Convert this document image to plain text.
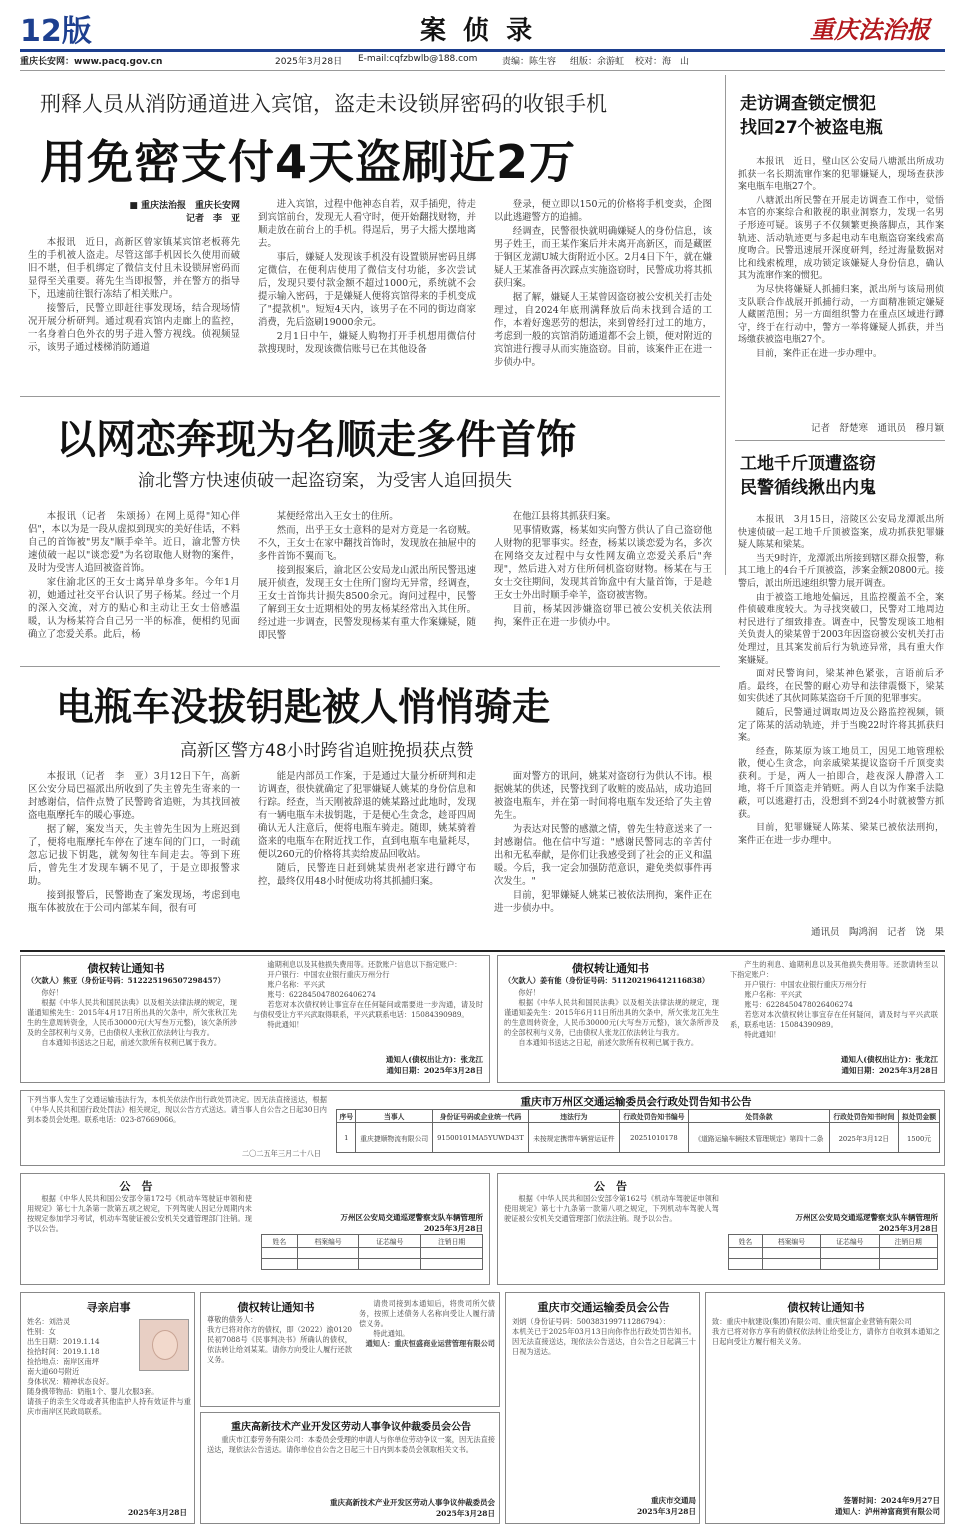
12版	案 侦 录	重庆法治报
重庆长安网：www.pacq.gov.cn	2025年3月28日 E-mail:cqfzbwlb@188.com	责编：陈生容 组版：余游虹 校对：海　山
刑释人员从消防通道进入宾馆，盗走未设锁屏密码的收银手机
用免密支付4天盗刷近2万
■ 重庆法治报　重庆长安网
记者　李　亚

本报讯　近日，高新区曾家镇某宾馆老板蒋先生的手机被人盗走。尽管这部手机因长久使用而破旧不堪，但手机绑定了微信支付且未设锁屏密码而显得至关重要。蒋先生当即报警，并在警方的指导下，迅速前往银行冻结了相关账户。

接警后，民警立即赶往事发现场，结合现场情况开展分析研判。通过观看宾馆内走廊上的监控，一名身着白色外衣的男子进入警方视线。侦视频显示，该男子通过楼梯消防通道

进入宾馆，过程中他神态自若，双手插兜，待走到宾馆前台，发现无人看守时，便开始翻找财物，并顺走放在前台上的手机。得逞后，男子大摇大摆地离去。

事后，嫌疑人发现该手机没有设置锁屏密码且绑定微信，在便利店使用了微信支付功能，多次尝试后，发现只要付款金额不超过1000元，系统就不会提示输入密码，于是嫌疑人便将宾馆得来的手机变成了"提款机"。短短4天内，该男子在不同的街边商家消费，先后盗刷19000余元。

2月1日中午，嫌疑人购物打开手机想用微信付款搜现时，发现该微信账号已在其他设备

登录，便立即以150元的价格将手机变卖，企图以此逃避警方的追捕。

经调查，民警很快就明确嫌疑人的身份信息，该男子姓王，而王某作案后并未离开高新区，而是藏匿于铜区龙湖U城大街附近小区。2月4日下午，就在嫌疑人王某准备再次踩点实施盗窃时，民警成功将其抓获归案。

据了解，嫌疑人王某曾因盗窃被公安机关打击处理过，自2024年底刑满释放后尚未找到合适的工作，本着好逸恶劳的想法，来到曾经打过工的地方，考虑到一般的宾馆消防通道都不会上锁，便对附近的宾馆进行搜寻从而实施盗窃。目前，该案件正在进一步侦办中。

以网恋奔现为名顺走多件首饰
渝北警方快速侦破一起盗窃案，为受害人追回损失

本报讯（记者　朱颂扬）在网上觅得"知心伴侣"，本以为是一段从虚拟到现实的美好佳话，不料自己的首饰被"男友"顺手牵羊。近日，渝北警方快速侦破一起以"谈恋爱"为名窃取他人财物的案件，及时为受害人追回被盗首饰。

家住渝北区的王女士离异单身多年。今年1月初，她通过社交平台认识了男子杨某。经过一个月的深入交流，对方的贴心和主动让王女士倍感温暖，认为杨某符合自己另一半的标准，便相约见面确立了恋爱关系。此后，杨

某便经常出入王女士的住所。

然而，出乎王女士意料的是对方竟是一名窃贼。不久，王女士在家中翻找首饰时，发现放在抽屉中的多件首饰不翼而飞。

接到报案后，渝北区公安局龙山派出所民警迅速展开侦查，发现王女士住所门窗均无异常，经调查，王女士首饰共计损失8500余元。询问过程中，民警了解到王女士近期相处的男友杨某经常出入其住所。经过进一步调查，民警发现杨某有重大作案嫌疑，随即民警

在他江县将其抓获归案。

见事情败露，杨某如实向警方供认了自己盗窃他人财物的犯罪事实。经查，杨某以谈恋爱为名，多次在网络交友过程中与女性网友确立恋爱关系后"奔现"，然后进入对方住所伺机盗窃财物。杨某在与王女士交往期间，发现其首饰盒中有大量首饰，于是趁王女士外出时顺手牵羊，盗窃被害物。

目前，杨某因涉嫌盗窃罪已被公安机关依法刑拘，案件正在进一步侦办中。

电瓶车没拔钥匙被人悄悄骑走
高新区警方48小时跨省追赃挽损获点赞

本报讯（记者　李　亚）3月12日下午，高新区公安分局巴福派出所收到了失主曾先生寄来的一封感谢信，信件点赞了民警跨省追赃，为其找回被盗电瓶摩托车的暖心事迹。

据了解，案发当天，失主曾先生因为上班迟到了，便将电瓶摩托车停在了速车间的门口，一时疏忽忘记拔下钥匙，就匆匆往车间走去。等到下班后，曾先生才发现车辆不见了，于是立即报警求助。

接到报警后，民警勘查了案发现场，考虑到电瓶车体被放在于公司内部某车间，很有可

能是内部员工作案，于是通过大量分析研判和走访调查，很快就确定了犯罪嫌疑人姚某的身份信息和行踪。经查，当天刚被辞退的姚某路过此地时，发现有一辆电瓶车未拔钥匙，于是便心生贪念，趁哥四周确认无人注意后，便将电瓶车骑走。随即，姚某骑着盗来的电瓶车在附近找工作，直到电瓶车电量耗尽，便以260元的价格将其卖给废品回收站。

随后，民警连日赶到姚某贵州老家进行蹲守布控，最终仅用48小时便成功将其抓捕归案。

面对警方的讯问，姚某对盗窃行为供认不讳。根据姚某的供述，民警找到了收赃的废品站，成功追回被盗电瓶车，并在第一时间将电瓶车发还给了失主曾先生。

为表达对民警的感激之情，曾先生特意送来了一封感谢信。他在信中写道："感谢民警同志的辛苦付出和无私奉献，是你们让我感受到了社会的正义和温暖。今后，我一定会加强防范意识，避免类似事件再次发生。"

目前，犯罪嫌疑人姚某已被依法刑拘，案件正在进一步侦办中。

走访调查锁定惯犯
找回27个被盗电瓶

本报讯　近日，璧山区公安局八塘派出所成功抓获一名长期流窜作案的犯罪嫌疑人，现场查获涉案电瓶车电瓶27个。

八塘派出所民警在开展走访调查工作中，觉悟本官的亦案综合和散视的职业洞察力，发现一名男子形迹可疑。该男子不仅频繁更换落脚点，其作案轨迹、活动轨迹更与多起电动车电瓶盗窃案线索高度吻合。民警迅速展开深度研判，经过海量数据对比和线索梳理，成功锁定该嫌疑人身份信息，确认其为流窜作案的惯犯。

为尽快将嫌疑人抓捕归案，派出所与该局刑侦支队联合作战展开抓捕行动，一方面精准锁定嫌疑人藏匿范围；另一方面组织警力在重点区域进行蹲守，终于在行动中，警方一举将嫌疑人抓获，并当场缴获被盗电瓶27个。

目前，案件正在进一步办理中。

记者　舒楚寒　通讯员　穆月颖
工地千斤顶遭盗窃
民警循线揪出内鬼

本报讯　3月15日，涪陵区公安局龙潭派出所快速侦破一起工地千斤顶被盗案，成功抓获犯罪嫌疑人陈某和梁某。

当天9时许，龙潭派出所接到辖区群众报警，称其工地上的4台千斤顶被盗，涉案金额20800元。接警后，派出所迅速组织警力展开调查。

由于被盗工地地处偏远，且监控覆盖不全，案件侦破难度较大。为寻找突破口，民警对工地周边村民进行了细致排查。调查中，民警发现该工地相关负责人的梁某曾于2003年因盗窃被公安机关打击处理过，且其案发前后行为轨迹异常，具有重大作案嫌疑。

面对民警询问，梁某神色紧张，言语前后矛盾。最终，在民警的耐心劝导和法律震慑下，梁某如实供述了其伙同陈某盗窃千斤顶的犯罪事实。

随后，民警通过调取周边及公路监控视频，锁定了陈某的活动轨迹，并于当晚22时许将其抓获归案。

经查，陈某原为该工地员工，因见工地管理松散，便心生贪念，向亲戚梁某提议盗窃千斤顶变卖获利。于是，两人一拍即合，趁夜深人静潜入工地，将千斤顶盗走并销赃。两人自以为作案手法隐蔽，可以逃避打击，没想到不到24小时就被警方抓获。

目前，犯罪嫌疑人陈某、梁某已被依法刑拘，案件正在进一步办理中。

通讯员　陶鸿润　记者　饶　果
债权转让通知书
（欠款人）熊亚（身份证号码：512225196507298457）

你好！

根据《中华人民共和国民法典》以及相关法律法规的规定，现谨通知熊先生：2015年4月17日所出具的欠条中，所欠张秋江先生的生意周转资金，人民币30000元(大写叁万元整)，该欠条所涉及的全部权利与义务，已由债权人张秋江依法转让与我方。

自本通知书送达之日起，前述欠款所有权利已属于我方。

逾期利息以及其他损失费用等。还款账户信息以下指定账户：

开户银行：中国农业银行重庆万州分行

账户名称：平兴武

账号：6228450478026406274

若您对本次债权转让事宜存在任何疑问或需要进一步沟通，请及时与债权受让方平兴武取得联系，平兴武联系电话：15084390989。

特此通知！

通知人(债权出让方)：张龙江
通知日期：2025年3月28日
债权转让通知书
（欠款人）姜有能（身份证号码：511202196412116838）

你好！

根据《中华人民共和国民法典》以及相关法律法规的规定，现谨通知姜先生：2015年6月11日所出具的欠条中，所欠张龙江先生的生意周转资金，人民币30000元(大写叁万元整)，该欠条所涉及的全部权利与义务，已由债权人张龙江依法转让与我方。

自本通知书送达之日起，前述欠款所有权利已属于我方。

产生的利息、逾期利息以及其他损失费用等。还款请转至以下指定账户：

开户银行：中国农业银行重庆万州分行

账户名称：平兴武

账号：6228450478026406274

若您对本次债权转让事宜存在任何疑问，请及时与平兴武联系，联系电话：15084390989。

特此通知！

通知人(债权出让方)：张龙江
通知日期：2025年3月28日
下列当事人发生了交通运输违法行为，本机关依法作出行政处罚决定。因无法直接送达，根据《中华人民共和国行政处罚法》相关规定，现以公告方式送达。请当事人自公告之日起30日内到本委员会处理。联系电话：023-87669066。
二〇二五年三月二十八日
重庆市万州区交通运输委员会行政处罚告知书公告
序号	当事人	身份证号码或企业统一代码	违法行为	行政处罚告知书编号	处罚条款	行政处罚告知书时间	拟处罚金额
1	重庆捷顺物流有限公司	91500101MA5YUWD43T	未按规定携带车辆营运证件	20251010178	《道路运输车辆技术管理规定》第四十二条	2025年3月12日	1500元
公　告
根据《中华人民共和国公安部令第172号《机动车驾驶证申领和使用规定》第七十九条第一款第五项之规定，下列驾驶人因记分周期内未按规定参加学习考试，机动车驾驶证被公安机关交通管理部门注销。现予以公告。
万州区公安局交通巡逻警察支队车辆管理所
2025年3月28日
姓名	档案编号	证芯编号	注销日期

公　告
根据《中华人民共和国公安部令第162号《机动车驾驶证申领和使用规定》第七十九条第一款第八项之规定，下列机动车驾驶人驾驶证被公安机关交通管理部门依法注销。现予以公告。	万州区公安局交通巡逻警察支队车辆管理所
2025年3月28日
姓名	档案编号	证芯编号	注销日期

寻亲启事
姓名：刘浩灵
性别：女
出生日期：2019.1.14
捡拾时间：2019.1.18
捡拾地点：南岸区南坪
南大道60号附近
身体状况：精神状态良好。
随身携带物品：奶瓶1个、婴儿衣服3套。
请孩子的亲生父母或者其他监护人持有效证件与重庆市南岸区民政局联系。
2025年3月28日
债权转让通知书
尊敬的债务人：
我方已将对你方的债权，即（2022）渝0120民初7088号《民事判决书》所确认的债权，依法转让给刘某某。请你方向受让人履行还款义务。

请贵司接到本通知后，将贵司所欠债务，按照上述债务人名称向受让人履行清偿义务。

特此通知。

通知人：重庆恒盛商业运营管理有限公司

重庆高新技术产业开发区劳动人事争议仲裁委员会公告
重庆市江泰劳务有限公司：本委员会受理的申请人与你单位劳动争议一案，因无法直接送达，现依法公告送达。请你单位自公告之日起三十日内到本委员会领取相关文书。
重庆高新技术产业开发区劳动人事争议仲裁委员会
2025年3月28日
重庆市交通运输委员会公告
刘炳（身份证号码：500383199711286794）：
本机关已于2025年03月13日向你作出行政处罚告知书。因无法直接送达，现依法公告送达，自公告之日起满三十日视为送达。
重庆市交通局
2025年3月28日
债权转让通知书
致：重庆中航建设(集团)有限公司、重庆恒富企业营销有限公司
我方已将对你方享有的债权依法转让给受让方，请你方自收到本通知之日起向受让方履行相关义务。
签署时间：2024年9月27日
通知人：泸州神富商贸有限公司
